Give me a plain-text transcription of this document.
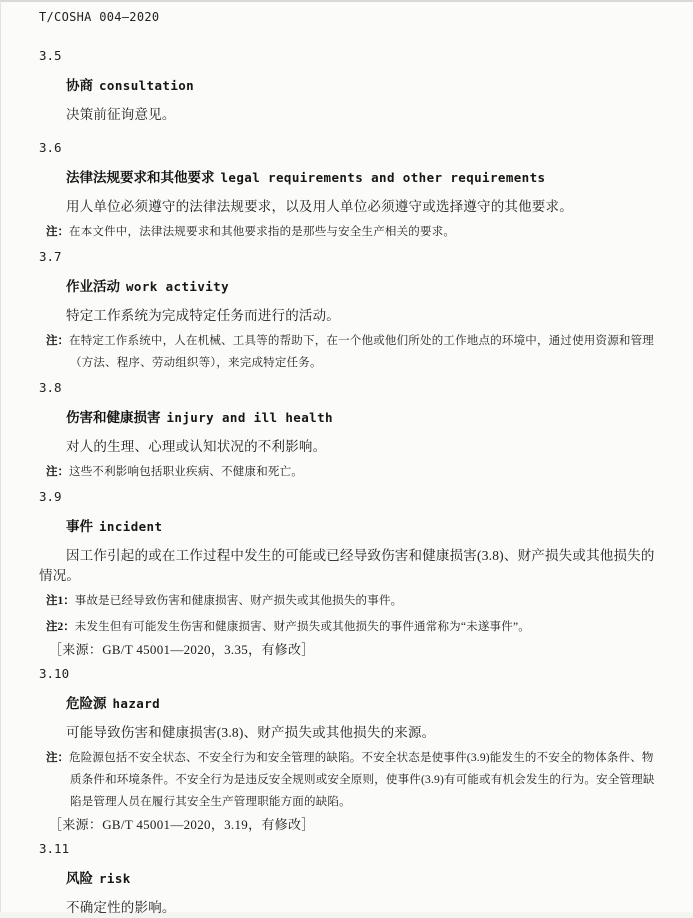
T/COSHA 004—2020
3.5
协商 consultation
决策前征询意见。
3.6
法律法规要求和其他要求 legal requirements and other requirements
用人单位必须遵守的法律法规要求，以及用人单位必须遵守或选择遵守的其他要求。
注：在本文件中，法律法规要求和其他要求指的是那些与安全生产相关的要求。
3.7
作业活动 work activity
特定工作系统为完成特定任务而进行的活动。
注：在特定工作系统中，人在机械、工具等的帮助下，在一个他或他们所处的工作地点的环境中，通过使用资源和管理（方法、程序、劳动组织等），来完成特定任务。
3.8
伤害和健康损害 injury and ill health
对人的生理、心理或认知状况的不利影响。
注：这些不利影响包括职业疾病、不健康和死亡。
3.9
事件 incident
因工作引起的或在工作过程中发生的可能或已经导致伤害和健康损害(3.8)、财产损失或其他损失的情况。
注1：事故是已经导致伤害和健康损害、财产损失或其他损失的事件。
注2：未发生但有可能发生伤害和健康损害、财产损失或其他损失的事件通常称为“未遂事件”。
［来源：GB/T 45001—2020，3.35，有修改］
3.10
危险源 hazard
可能导致伤害和健康损害(3.8)、财产损失或其他损失的来源。
注：危险源包括不安全状态、不安全行为和安全管理的缺陷。不安全状态是使事件(3.9)能发生的不安全的物体条件、物质条件和环境条件。不安全行为是违反安全规则或安全原则，使事件(3.9)有可能或有机会发生的行为。安全管理缺陷是管理人员在履行其安全生产管理职能方面的缺陷。
［来源：GB/T 45001—2020，3.19，有修改］
3.11
风险 risk
不确定性的影响。
